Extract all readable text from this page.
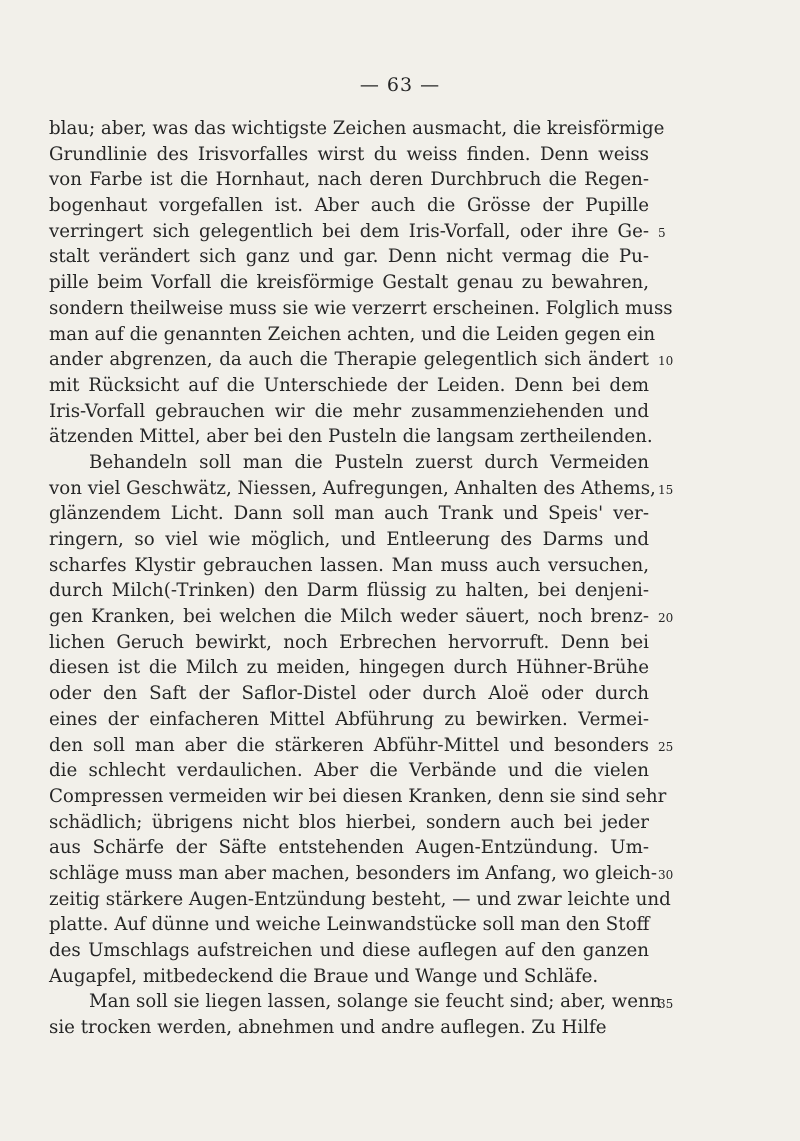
— 63 —
blau; aber, was das wichtigste Zeichen ausmacht, die kreisförmige
Grundlinie des Irisvorfalles wirst du weiss finden. Denn weiss
von Farbe ist die Hornhaut, nach deren Durchbruch die Regen-
bogenhaut vorgefallen ist. Aber auch die Grösse der Pupille
verringert sich gelegentlich bei dem Iris-Vorfall, oder ihre Ge-
stalt verändert sich ganz und gar. Denn nicht vermag die Pu-
pille beim Vorfall die kreisförmige Gestalt genau zu bewahren,
sondern theilweise muss sie wie verzerrt erscheinen. Folglich muss
man auf die genannten Zeichen achten, und die Leiden gegen ein
ander abgrenzen, da auch die Therapie gelegentlich sich ändert
mit Rücksicht auf die Unterschiede der Leiden. Denn bei dem
Iris-Vorfall gebrauchen wir die mehr zusammenziehenden und
ätzenden Mittel, aber bei den Pusteln die langsam zertheilenden.
Behandeln soll man die Pusteln zuerst durch Vermeiden
von viel Geschwätz, Niessen, Aufregungen, Anhalten des Athems,
glänzendem Licht. Dann soll man auch Trank und Speis' ver-
ringern, so viel wie möglich, und Entleerung des Darms und
scharfes Klystir gebrauchen lassen. Man muss auch versuchen,
durch Milch(-Trinken) den Darm flüssig zu halten, bei denjeni-
gen Kranken, bei welchen die Milch weder säuert, noch brenz-
lichen Geruch bewirkt, noch Erbrechen hervorruft. Denn bei
diesen ist die Milch zu meiden, hingegen durch Hühner-Brühe
oder den Saft der Saflor-Distel oder durch Aloë oder durch
eines der einfacheren Mittel Abführung zu bewirken. Vermei-
den soll man aber die stärkeren Abführ-Mittel und besonders
die schlecht verdaulichen. Aber die Verbände und die vielen
Compressen vermeiden wir bei diesen Kranken, denn sie sind sehr
schädlich; übrigens nicht blos hierbei, sondern auch bei jeder
aus Schärfe der Säfte entstehenden Augen-Entzündung. Um-
schläge muss man aber machen, besonders im Anfang, wo gleich-
zeitig stärkere Augen-Entzündung besteht, — und zwar leichte und
platte. Auf dünne und weiche Leinwandstücke soll man den Stoff
des Umschlags aufstreichen und diese auflegen auf den ganzen
Augapfel, mitbedeckend die Braue und Wange und Schläfe.
Man soll sie liegen lassen, solange sie feucht sind; aber, wenn
sie trocken werden, abnehmen und andre auflegen. Zu Hilfe
5
10
15
20
25
30
35
